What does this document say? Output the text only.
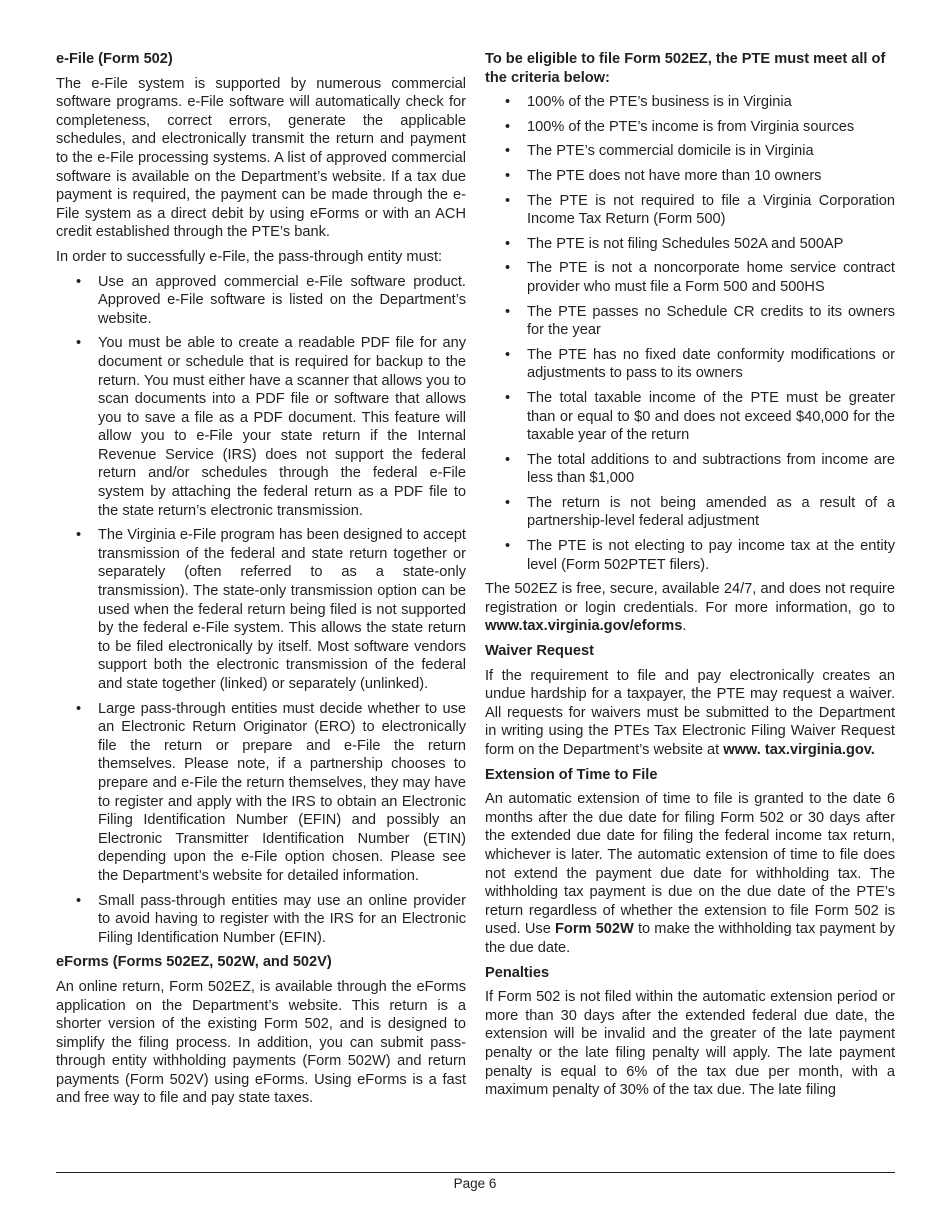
e-File (Form 502)

The e-File system is supported by numerous commercial software programs. e-File software will automatically check for completeness, correct errors, generate the applicable schedules, and electronically transmit the return and payment to the e-File processing systems. A list of approved commercial software is available on the Department’s website. If a tax due payment is required, the payment can be made through the e-File system as a direct debit by using eForms or with an ACH credit established through the PTE’s bank.

In order to successfully e-File, the pass-through entity must:

• Use an approved commercial e-File software product. Approved e-File software is listed on the Department’s website.
• You must be able to create a readable PDF file for any document or schedule that is required for backup to the return. You must either have a scanner that allows you to scan documents into a PDF file or software that allows you to save a file as a PDF document. This feature will allow you to e-File your state return if the Internal Revenue Service (IRS) does not support the federal return and/or schedules through the federal e-File system by attaching the federal return as a PDF file to the state return’s electronic transmission.
• The Virginia e-File program has been designed to accept transmission of the federal and state return together or separately (often referred to as a state-only transmission). The state-only transmission option can be used when the federal return being filed is not supported by the federal e-File system. This allows the state return to be filed electronically by itself. Most software vendors support both the electronic transmission of the federal and state together (linked) or separately (unlinked).
• Large pass-through entities must decide whether to use an Electronic Return Originator (ERO) to electronically file the return or prepare and e-File the return themselves. Please note, if a partnership chooses to prepare and e-File the return themselves, they may have to register and apply with the IRS to obtain an Electronic Filing Identification Number (EFIN) and possibly an Electronic Transmitter Identification Number (ETIN) depending upon the e-File option chosen. Please see the Department’s website for detailed information.
• Small pass-through entities may use an online provider to avoid having to register with the IRS for an Electronic Filing Identification Number (EFIN).
eForms (Forms 502EZ, 502W, and 502V)

An online return, Form 502EZ, is available through the eForms application on the Department’s website. This return is a shorter version of the existing Form 502, and is designed to simplify the filing process. In addition, you can submit pass-through entity withholding payments (Form 502W) and return payments (Form 502V) using eForms. Using eForms is a fast and free way to file and pay state taxes.

To be eligible to file Form 502EZ, the PTE must meet all of the criteria below:
• 100% of the PTE’s business is in Virginia
• 100% of the PTE’s income is from Virginia sources
• The PTE’s commercial domicile is in Virginia
• The PTE does not have more than 10 owners
• The PTE is not required to file a Virginia Corporation Income Tax Return (Form 500)
• The PTE is not filing Schedules 502A and 500AP
• The PTE is not a noncorporate home service contract provider who must file a Form 500 and 500HS
• The PTE passes no Schedule CR credits to its owners for the year
• The PTE has no fixed date conformity modifications or adjustments to pass to its owners
• The total taxable income of the PTE must be greater than or equal to $0 and does not exceed $40,000 for the taxable year of the return
• The total additions to and subtractions from income are less than $1,000
• The return is not being amended as a result of a partnership-level federal adjustment
• The PTE is not electing to pay income tax at the entity level (Form 502PTET filers).

The 502EZ is free, secure, available 24/7, and does not require registration or login credentials. For more information, go to www.tax.virginia.gov/eforms.

Waiver Request

If the requirement to file and pay electronically creates an undue hardship for a taxpayer, the PTE may request a waiver. All requests for waivers must be submitted to the Department in writing using the PTEs Tax Electronic Filing Waiver Request form on the Department’s website at www. tax.virginia.gov.

Extension of Time to File

An automatic extension of time to file is granted to the date 6 months after the due date for filing Form 502 or 30 days after the extended due date for filing the federal income tax return, whichever is later. The automatic extension of time to file does not extend the payment due date for withholding tax. The withholding tax payment is due on the due date of the PTE’s return regardless of whether the extension to file Form 502 is used. Use Form 502W to make the withholding tax payment by the due date.

Penalties

If Form 502 is not filed within the automatic extension period or more than 30 days after the extended federal due date, the extension will be invalid and the greater of the late payment penalty or the late filing penalty will apply. The late payment penalty is equal to 6% of the tax due per month, with a maximum penalty of 30% of the tax due. The late filing

Page 6
